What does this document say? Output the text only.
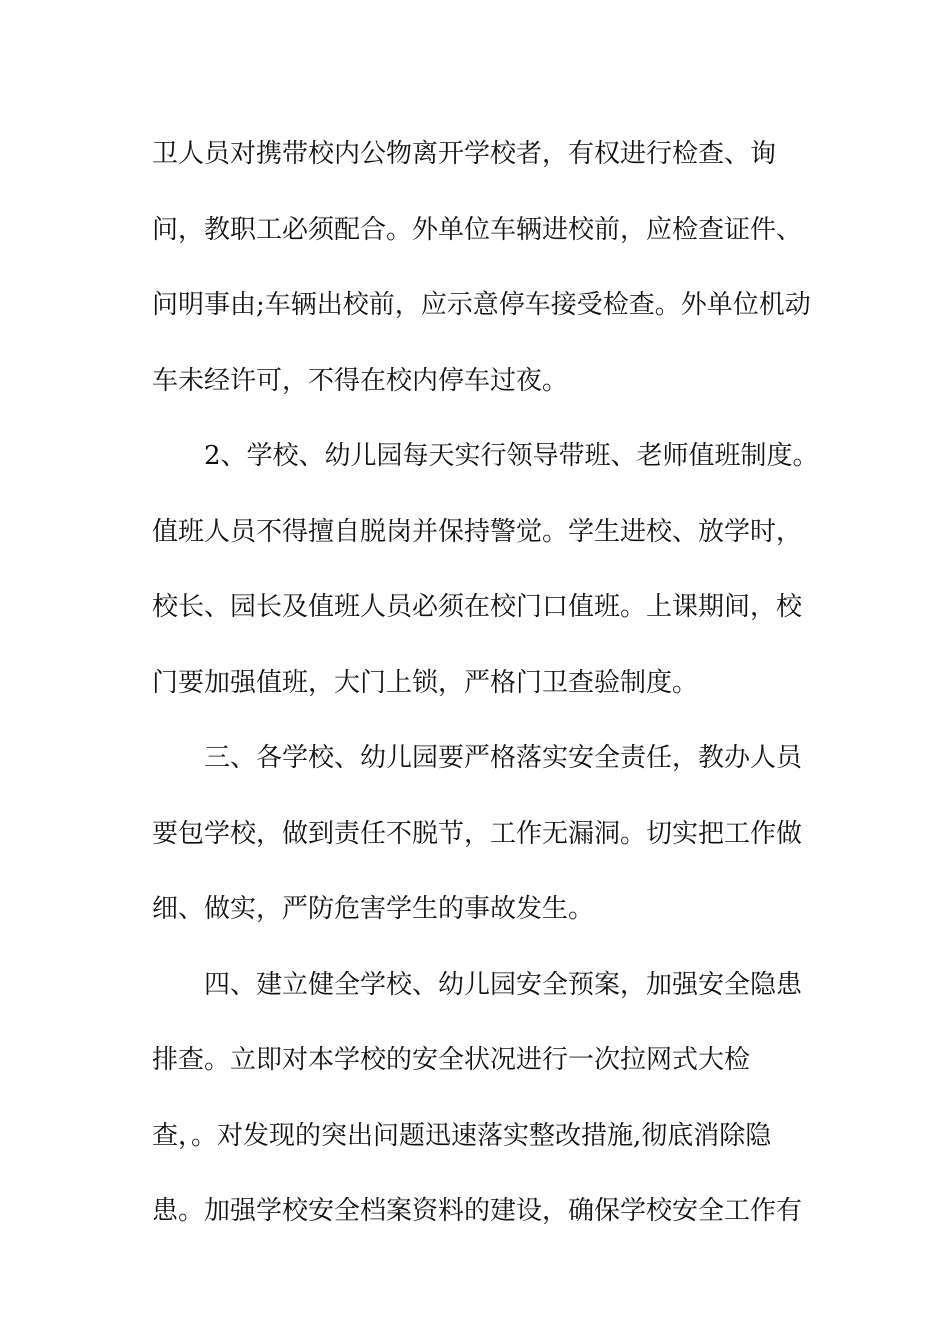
卫人员对携带校内公物离开学校者，有权进行检查、询
问，教职工必须配合。外单位车辆进校前，应检查证件、
问明事由;车辆出校前，应示意停车接受检查。外单位机动
车未经许可，不得在校内停车过夜。
2、学校、幼儿园每天实行领导带班、老师值班制度。
值班人员不得擅自脱岗并保持警觉。学生进校、放学时，
校长、园长及值班人员必须在校门口值班。上课期间，校
门要加强值班，大门上锁，严格门卫查验制度。
三、各学校、幼儿园要严格落实安全责任，教办人员
要包学校，做到责任不脱节，工作无漏洞。切实把工作做
细、做实，严防危害学生的事故发生。
四、建立健全学校、幼儿园安全预案，加强安全隐患
排查。立即对本学校的安全状况进行一次拉网式大检
查，。对发现的突出问题迅速落实整改措施,彻底消除隐
患。加强学校安全档案资料的建设，确保学校安全工作有
